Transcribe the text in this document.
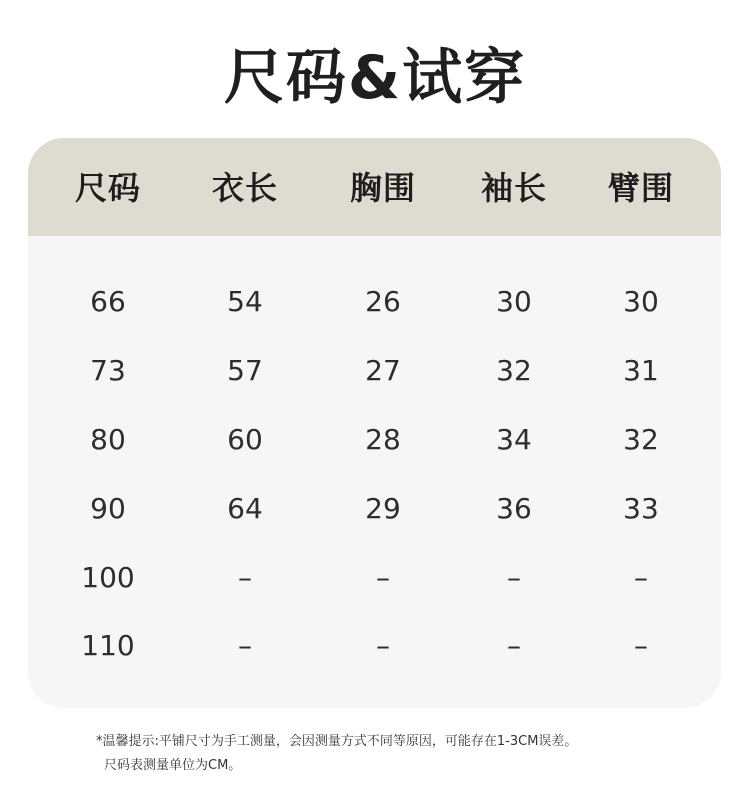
尺码&试穿
尺码	衣长	胸围	袖长	臂围
66	54	26	30	30
73	57	27	32	31
80	60	28	34	32
90	64	29	36	33
100	–	–	–	–
110	–	–	–	–
*温馨提示:平铺尺寸为手工测量，会因测量方式不同等原因，可能存在1-3CM误差。
尺码表测量单位为CM。
